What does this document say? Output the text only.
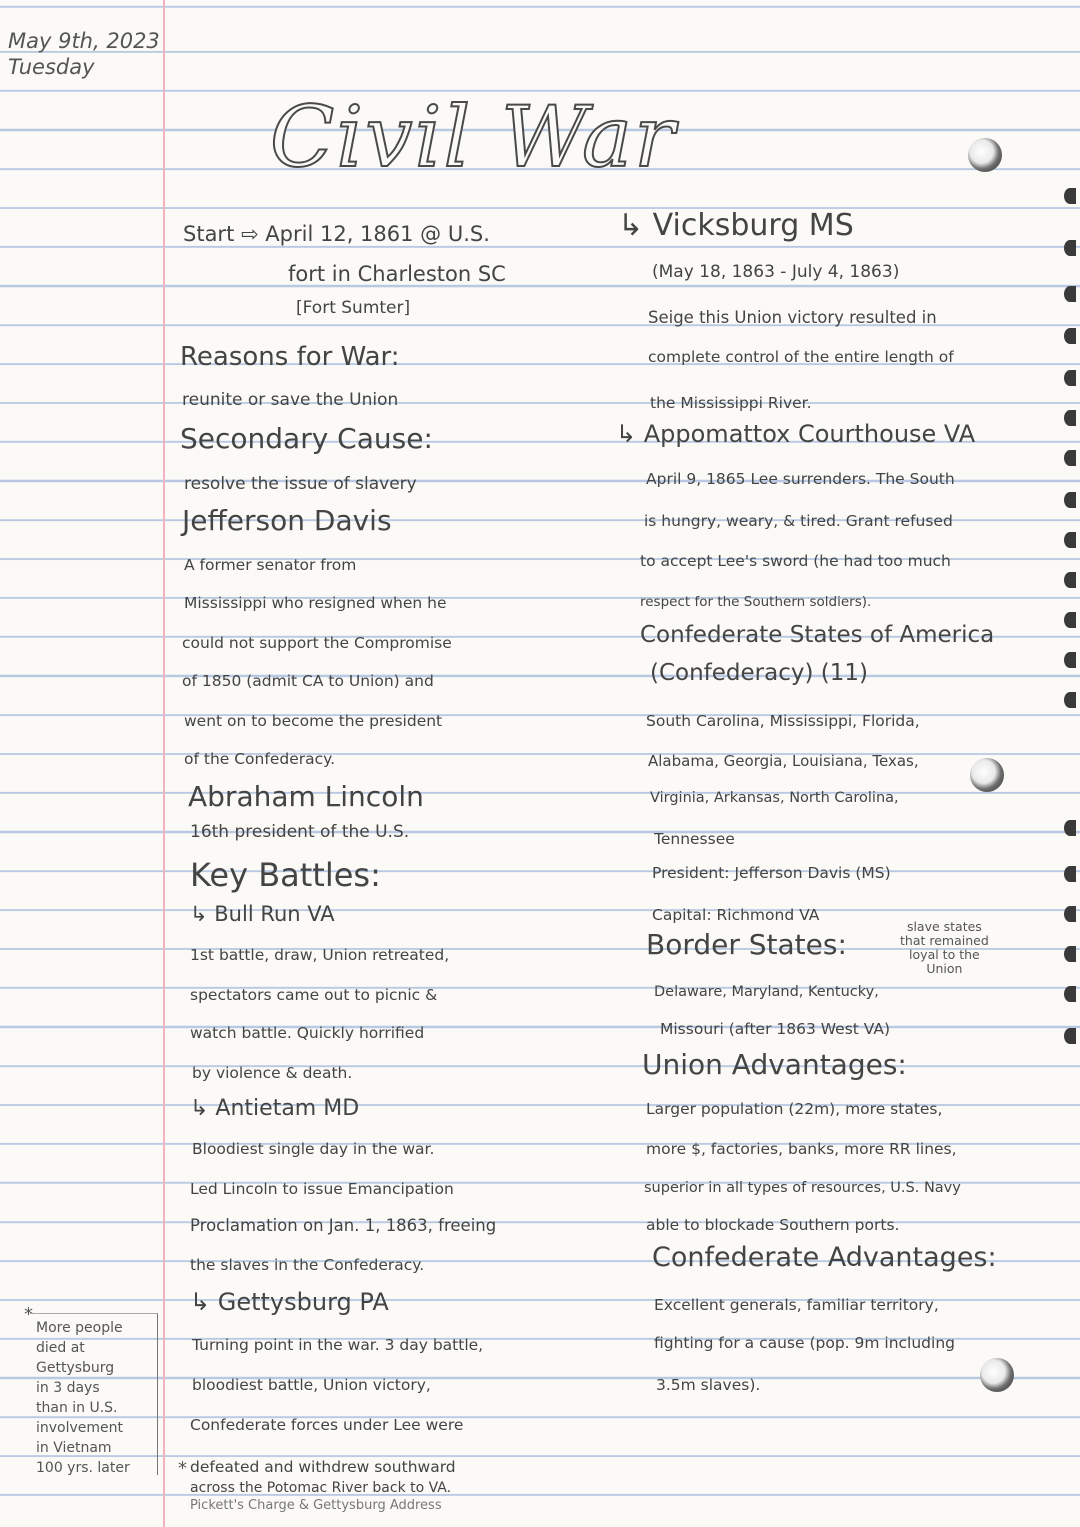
May 9th, 2023
Tuesday
Civil War
Start ⇨ April 12, 1861 @ U.S.
fort in Charleston SC
[Fort Sumter]
Reasons for War:
reunite or save the Union
Secondary Cause:
resolve the issue of slavery
Jefferson Davis
A former senator from
Mississippi who resigned when he
could not support the Compromise
of 1850 (admit CA to Union) and
went on to become the president
of the Confederacy.
Abraham Lincoln
16th president of the U.S.
Key Battles:
↳ Bull Run VA
1st battle, draw, Union retreated,
spectators came out to picnic &
watch battle. Quickly horrified
by violence & death.
↳ Antietam MD
Bloodiest single day in the war.
Led Lincoln to issue Emancipation
Proclamation on Jan. 1, 1863, freeing
the slaves in the Confederacy.
↳ Gettysburg PA
Turning point in the war. 3 day battle,
bloodiest battle, Union victory,
Confederate forces under Lee were
defeated and withdrew southward
across the Potomac River back to VA.
Pickett's Charge & Gettysburg Address
*
*
More people
died at
Gettysburg
in 3 days
than in U.S.
involvement
in Vietnam
100 yrs. later
↳ Vicksburg MS
(May 18, 1863 - July 4, 1863)
Seige this Union victory resulted in
complete control of the entire length of
the Mississippi River.
↳ Appomattox Courthouse VA
April 9, 1865 Lee surrenders. The South
is hungry, weary, & tired. Grant refused
to accept Lee's sword (he had too much
respect for the Southern soldiers).
Confederate States of America
(Confederacy) (11)
South Carolina, Mississippi, Florida,
Alabama, Georgia, Louisiana, Texas,
Virginia, Arkansas, North Carolina,
Tennessee
President: Jefferson Davis (MS)
Capital: Richmond VA
Border States:
slave states
that remained
loyal to the
Union
Delaware, Maryland, Kentucky,
Missouri (after 1863 West VA)
Union Advantages:
Larger population (22m), more states,
more $, factories, banks, more RR lines,
superior in all types of resources, U.S. Navy
able to blockade Southern ports.
Confederate Advantages:
Excellent generals, familiar territory,
fighting for a cause (pop. 9m including
3.5m slaves).
